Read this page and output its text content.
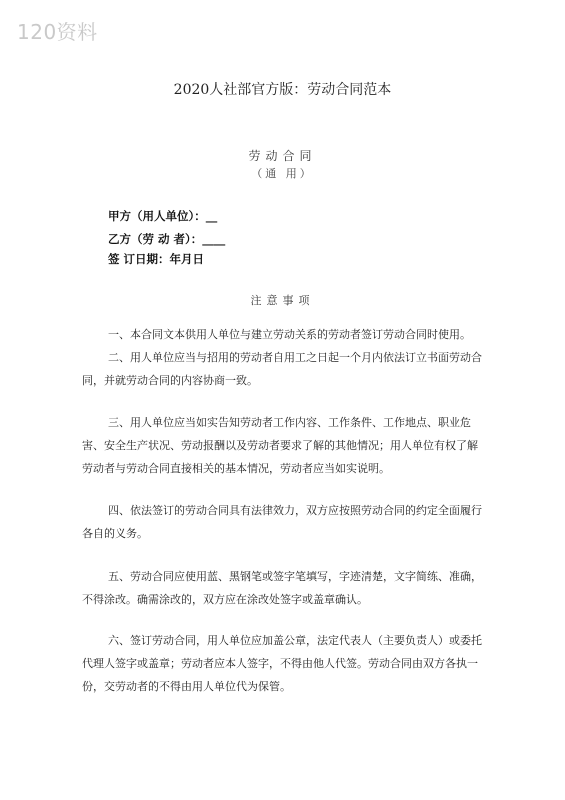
120资料
2020人社部官方版：劳动合同范本
劳动合同
（通 用）
甲方（用人单位）：__
乙方（劳 动 者）：____
签 订日期：年月日
注意事项

一、本合同文本供用人单位与建立劳动关系的劳动者签订劳动合同时使用。

二、用人单位应当与招用的劳动者自用工之日起一个月内依法订立书面劳动合同，并就劳动合同的内容协商一致。

三、用人单位应当如实告知劳动者工作内容、工作条件、工作地点、职业危害、安全生产状况、劳动报酬以及劳动者要求了解的其他情况；用人单位有权了解劳动者与劳动合同直接相关的基本情况，劳动者应当如实说明。

四、依法签订的劳动合同具有法律效力，双方应按照劳动合同的约定全面履行各自的义务。

五、劳动合同应使用蓝、黑钢笔或签字笔填写，字迹清楚，文字简练、准确，不得涂改。确需涂改的，双方应在涂改处签字或盖章确认。

六、签订劳动合同，用人单位应加盖公章，法定代表人（主要负责人）或委托代理人签字或盖章；劳动者应本人签字，不得由他人代签。劳动合同由双方各执一份，交劳动者的不得由用人单位代为保管。
